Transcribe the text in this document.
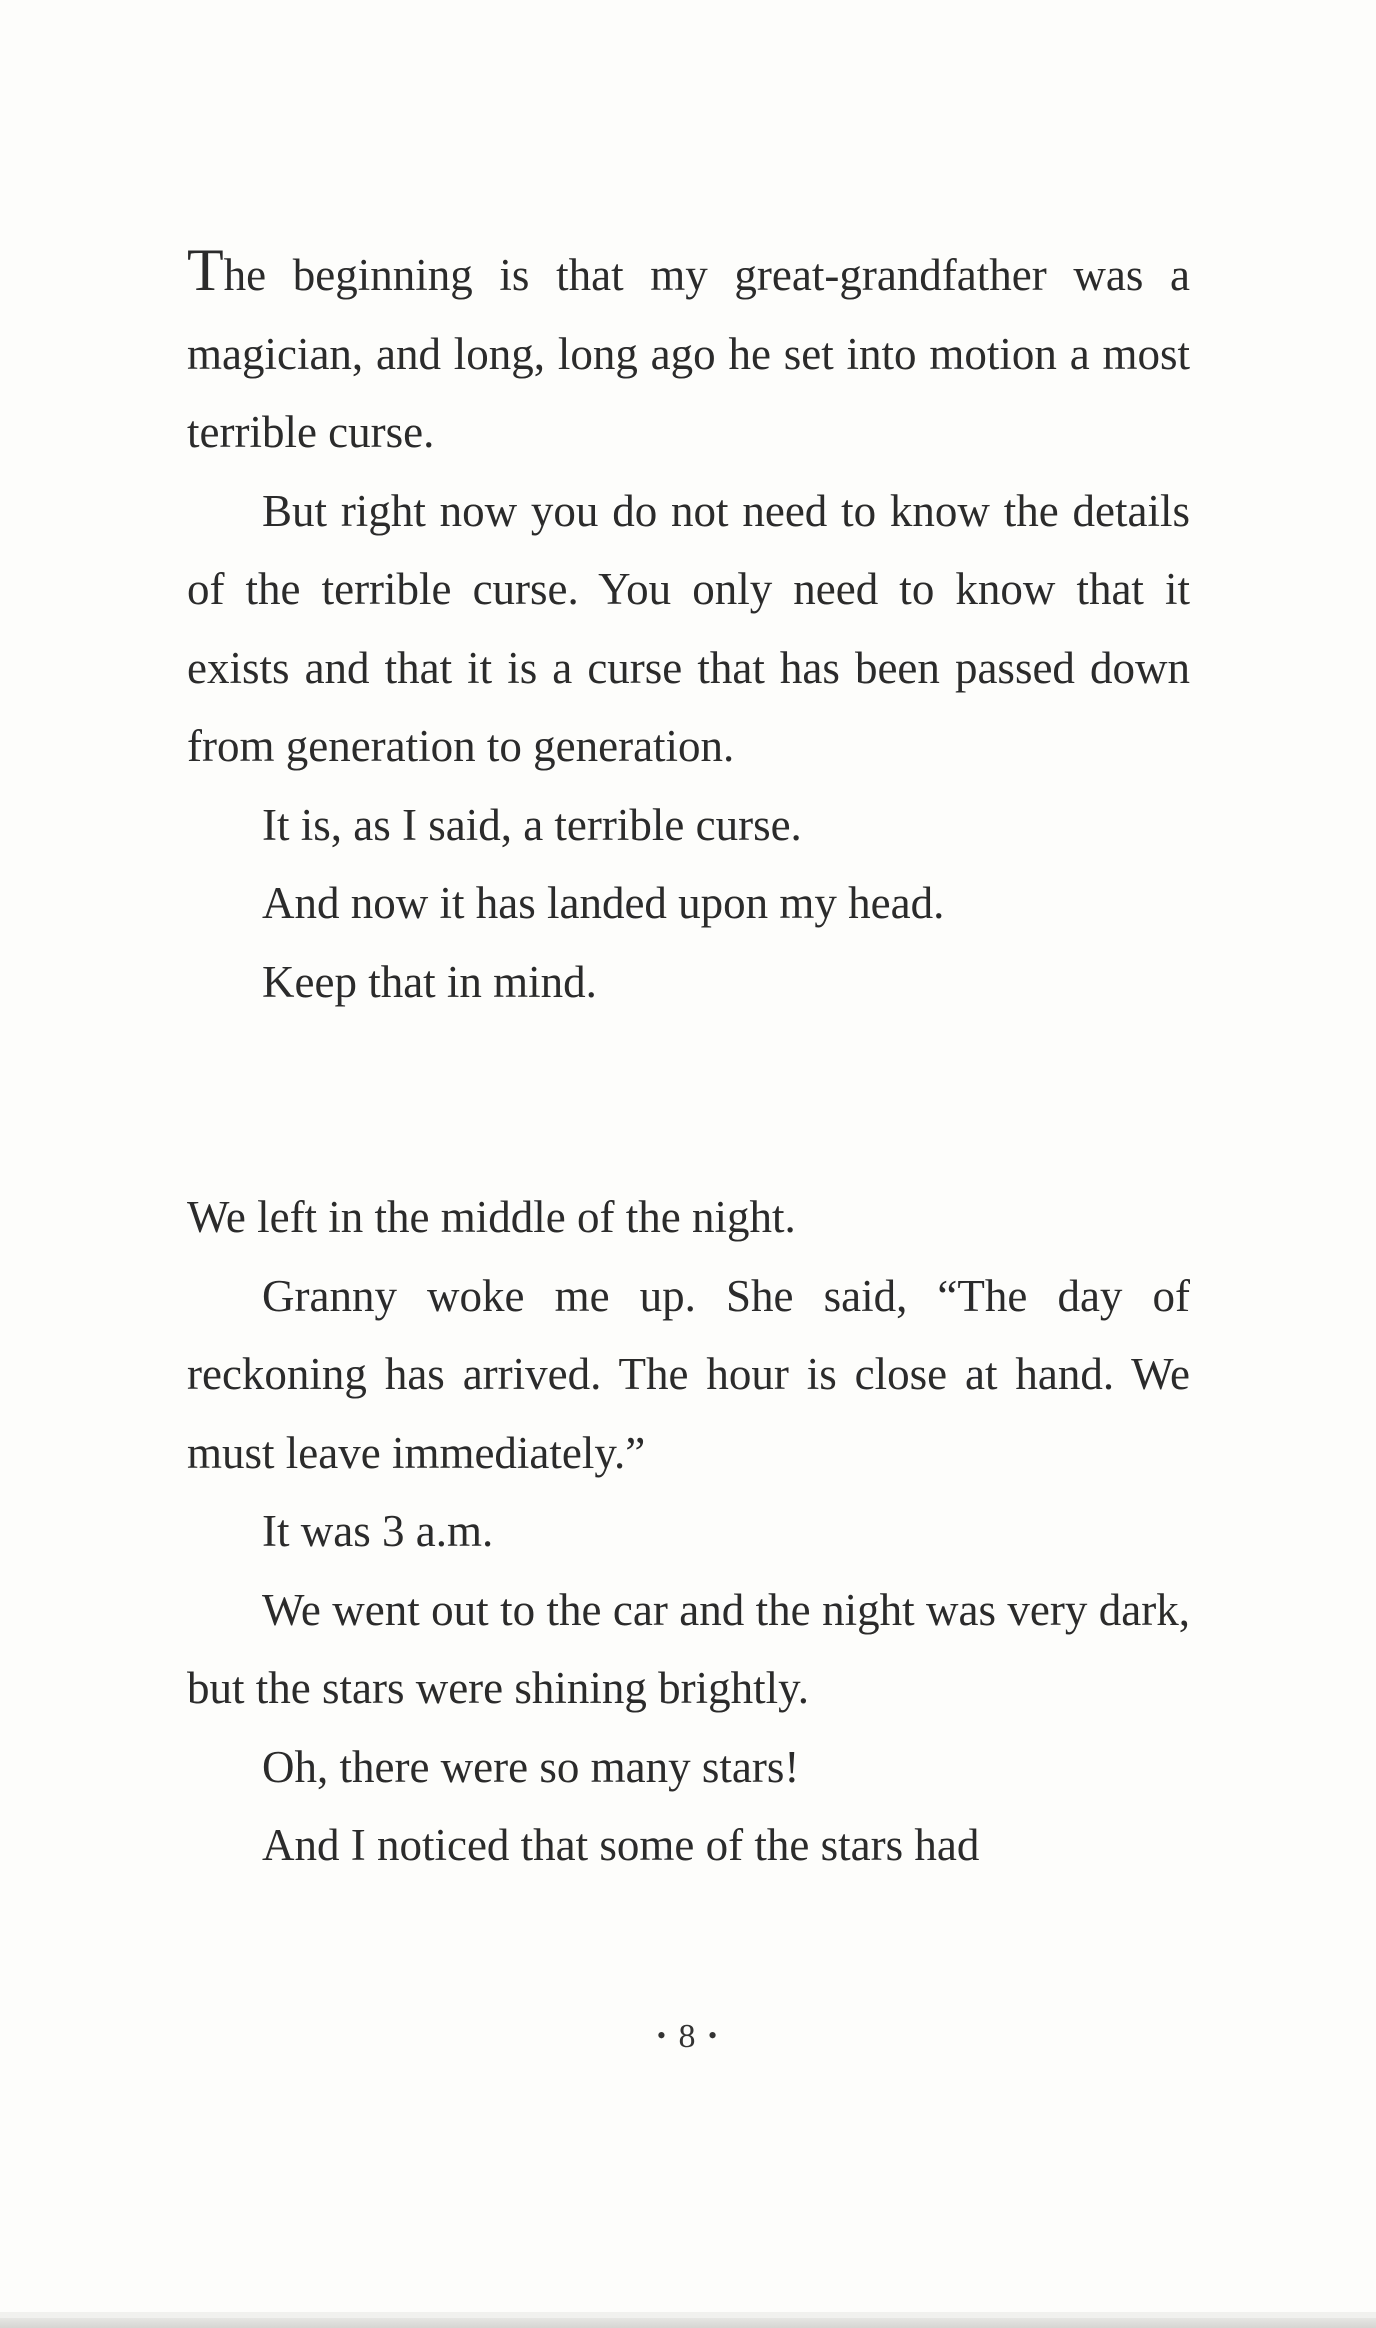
The beginning is that my great-grandfather was a magician, and long, long ago he set into motion a most terrible curse.

But right now you do not need to know the details of the terrible curse. You only need to know that it exists and that it is a curse that has been passed down from generation to generation.

It is, as I said, a terrible curse.

And now it has landed upon my head.

Keep that in mind.

We left in the middle of the night.

Granny woke me up. She said, “The day of reckoning has arrived. The hour is close at hand. We must leave immediately.”

It was 3 a.m.

We went out to the car and the night was very dark, but the stars were shining brightly.

Oh, there were so many stars!

And I noticed that some of the stars had

• 8 •
